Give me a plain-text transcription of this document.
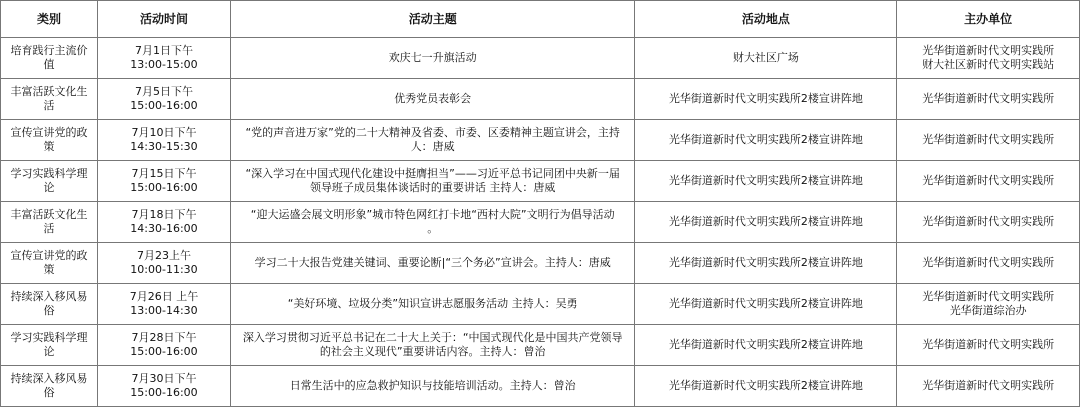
类别	活动时间	活动主题	活动地点	主办单位
培育践行主流价值	7月1日下午
13:00-15:00	欢庆七一升旗活动	财大社区广场	光华街道新时代文明实践所
财大社区新时代文明实践站

丰富活跃文化生活	7月5日下午
15:00-16:00	优秀党员表彰会	光华街道新时代文明实践所2楼宣讲阵地	光华街道新时代文明实践所

宣传宣讲党的政策	7月10日下午
14:30-15:30	“党的声音进万家”党的二十大精神及省委、市委、区委精神主题宣讲会，主持
人：唐威	光华街道新时代文明实践所2楼宣讲阵地	光华街道新时代文明实践所

学习实践科学理论	7月15日下午
15:00-16:00	“深入学习在中国式现代化建设中挺膺担当”——习近平总书记同团中央新一届
领导班子成员集体谈话时的重要讲话 主持人：唐威	光华街道新时代文明实践所2楼宣讲阵地	光华街道新时代文明实践所

丰富活跃文化生活	7月18日下午
14:30-16:00	“迎大运盛会展文明形象”城市特色网红打卡地“西村大院”文明行为倡导活动
。	光华街道新时代文明实践所2楼宣讲阵地	光华街道新时代文明实践所

宣传宣讲党的政策	7月23上午
10:00-11:30	学习二十大报告党建关键词、重要论断|“三个务必”宣讲会。主持人：唐威	光华街道新时代文明实践所2楼宣讲阵地	光华街道新时代文明实践所

持续深入移风易俗	7月26日 上午
13:00-14:30	“美好环境、垃圾分类”知识宣讲志愿服务活动 主持人：吴勇	光华街道新时代文明实践所2楼宣讲阵地	光华街道新时代文明实践所
光华街道综治办

学习实践科学理论	7月28日下午
15:00-16:00	深入学习贯彻习近平总书记在二十大上关于：“中国式现代化是中国共产党领导
的社会主义现代”重要讲话内容。主持人：曾治	光华街道新时代文明实践所2楼宣讲阵地	光华街道新时代文明实践所

持续深入移风易俗	7月30日下午
15:00-16:00	日常生活中的应急救护知识与技能培训活动。主持人：曾治	光华街道新时代文明实践所2楼宣讲阵地	光华街道新时代文明实践所
